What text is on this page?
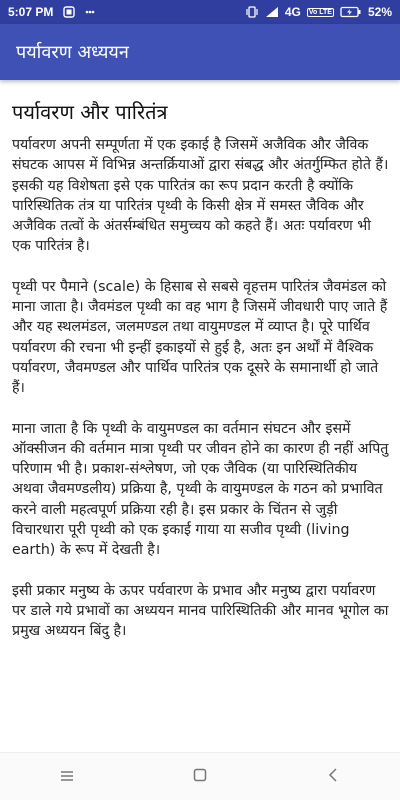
5:07 PM	4G Vo LTE	52%
पर्यावरण अध्ययन
पर्यावरण और पारितंत्र

पर्यावरण अपनी सम्पूर्णता में एक इकाई है जिसमें अजैविक और जैविक संघटक आपस में विभिन्न अन्तर्क्रियाओं द्वारा संबद्ध और अंतर्गुम्फित होते हैं। इसकी यह विशेषता इसे एक पारितंत्र का रूप प्रदान करती है क्योंकि पारिस्थितिक तंत्र या पारितंत्र पृथ्वी के किसी क्षेत्र में समस्त जैविक और अजैविक तत्वों के अंतर्सम्बंधित समुच्चय को कहते हैं। अतः पर्यावरण भी एक पारितंत्र है।

पृथ्वी पर पैमाने (scale) के हिसाब से सबसे वृहत्तम पारितंत्र जैवमंडल को माना जाता है। जैवमंडल पृथ्वी का वह भाग है जिसमें जीवधारी पाए जाते हैं और यह स्थलमंडल, जलमण्डल तथा वायुमण्डल में व्याप्त है। पूरे पार्थिव पर्यावरण की रचना भी इन्हीं इकाइयों से हुई है, अतः इन अर्थों में वैश्विक पर्यावरण, जैवमण्डल और पार्थिव पारितंत्र एक दूसरे के समानार्थी हो जाते हैं।

माना जाता है कि पृथ्वी के वायुमण्डल का वर्तमान संघटन और इसमें ऑक्सीजन की वर्तमान मात्रा पृथ्वी पर जीवन होने का कारण ही नहीं अपितु परिणाम भी है। प्रकाश-संश्लेषण, जो एक जैविक (या पारिस्थितिकीय अथवा जैवमण्डलीय) प्रक्रिया है, पृथ्वी के वायुमण्डल के गठन को प्रभावित करने वाली महत्वपूर्ण प्रक्रिया रही है। इस प्रकार के चिंतन से जुड़ी विचारधारा पूरी पृथ्वी को एक इकाई गाया या सजीव पृथ्वी (living earth) के रूप में देखती है।

इसी प्रकार मनुष्य के ऊपर पर्यवारण के प्रभाव और मनुष्य द्वारा पर्यावरण पर डाले गये प्रभावों का अध्ययन मानव पारिस्थितिकी और मानव भूगोल का प्रमुख अध्ययन बिंदु है।
